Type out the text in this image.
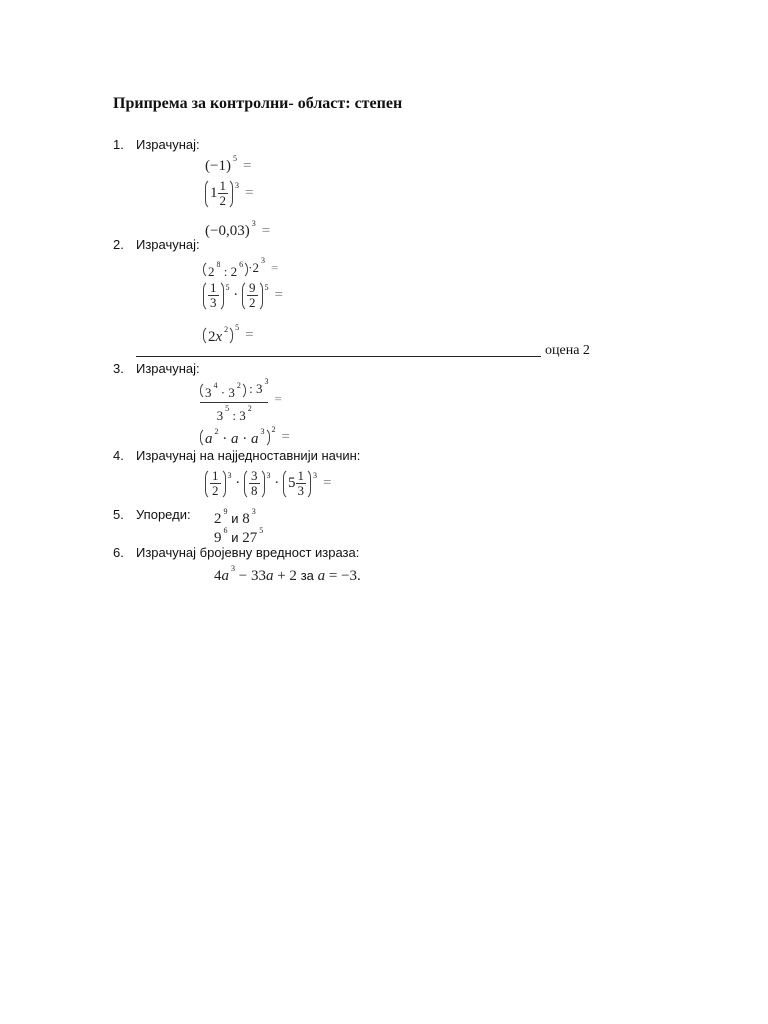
Припрема за контролни- област: степен
1. Израчунај:
(−1) $^5$ =
$1 \frac{1}{2} ^3$ =
(−0,03) $^3$ =
2. Израчунај:
2 $^8$ : 2 $^6$ ·2 $^3$ =
$\frac{1}{3} ^5 \cdot \frac{9}{2} ^5$ =
2x $^2$ $^5$ =
оцена 2
3. Израчунај:
$\frac{3 ^4 \cdot 3 ^2 : 3 ^3}{3 ^5 : 3 ^2}$ =
a $^2$ · a · a $^3$ $^2$ =
4. Израчунај на најједноставнији начин:
$\frac{1}{2} ^3 \cdot \frac{3}{8} ^3 \cdot 5 \frac{1}{3} ^3$ =
5. Упореди: 2 $^9$ и 8 $^3$
9 $^6$ и 27 $^5$
6. Израчунај бројевну вредност израза:
4a $^3$ − 33a + 2 за a = −3.
